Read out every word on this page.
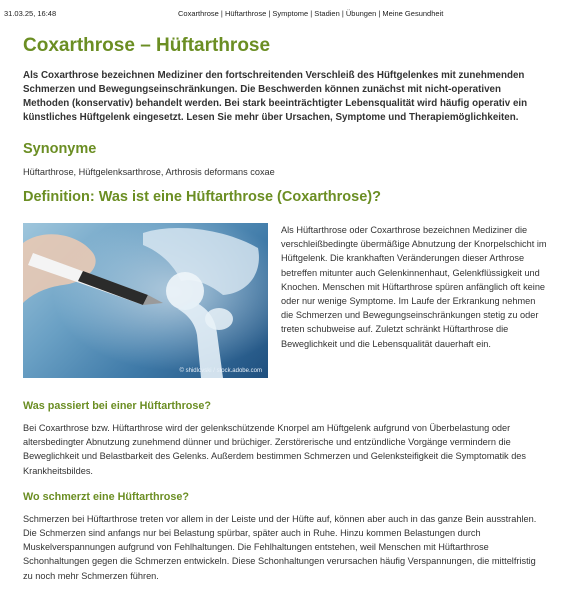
31.03.25, 16:48	Coxarthrose | Hüftarthrose | Symptome | Stadien | Übungen | Meine Gesundheit
Coxarthrose – Hüftarthrose

Als Coxarthrose bezeichnen Mediziner den fortschreitenden Verschleiß des Hüftgelenkes mit zunehmenden Schmerzen und Bewegungseinschränkungen. Die Beschwerden können zunächst mit nicht-operativen Methoden (konservativ) behandelt werden. Bei stark beeinträchtigter Lebensqualität wird häufig operativ ein künstliches Hüftgelenk eingesetzt. Lesen Sie mehr über Ursachen, Symptome und Therapiemöglichkeiten.

Synonyme

Hüftarthrose, Hüftgelenksarthrose, Arthrosis deformans coxae

Definition: Was ist eine Hüftarthrose (Coxarthrose)?
© shidlovski / stock.adobe.com

Als Hüftarthrose oder Coxarthrose bezeichnen Mediziner die verschleißbedingte übermäßige Abnutzung der Knorpelschicht im Hüftgelenk. Die krankhaften Veränderungen dieser Arthrose betreffen mitunter auch Gelenkinnenhaut, Gelenkflüssigkeit und Knochen. Menschen mit Hüftarthrose spüren anfänglich oft keine oder nur wenige Symptome. Im Laufe der Erkrankung nehmen die Schmerzen und Bewegungseinschränkungen stetig zu oder treten schubweise auf. Zuletzt schränkt Hüftarthrose die Beweglichkeit und die Lebensqualität dauerhaft ein.

Was passiert bei einer Hüftarthrose?

Bei Coxarthrose bzw. Hüftarthrose wird der gelenkschützende Knorpel am Hüftgelenk aufgrund von Überbelastung oder altersbedingter Abnutzung zunehmend dünner und brüchiger. Zerstörerische und entzündliche Vorgänge vermindern die Beweglichkeit und Belastbarkeit des Gelenks. Außerdem bestimmen Schmerzen und Gelenksteifigkeit die Symptomatik des Krankheitsbildes.

Wo schmerzt eine Hüftarthrose?

Schmerzen bei Hüftarthrose treten vor allem in der Leiste und der Hüfte auf, können aber auch in das ganze Bein ausstrahlen. Die Schmerzen sind anfangs nur bei Belastung spürbar, später auch in Ruhe. Hinzu kommen Belastungen durch Muskelverspannungen aufgrund von Fehlhaltungen. Die Fehlhaltungen entstehen, weil Menschen mit Hüftarthrose Schonhaltungen gegen die Schmerzen entwickeln. Diese Schonhaltungen verursachen häufig Verspannungen, die mittelfristig zu noch mehr Schmerzen führen.
